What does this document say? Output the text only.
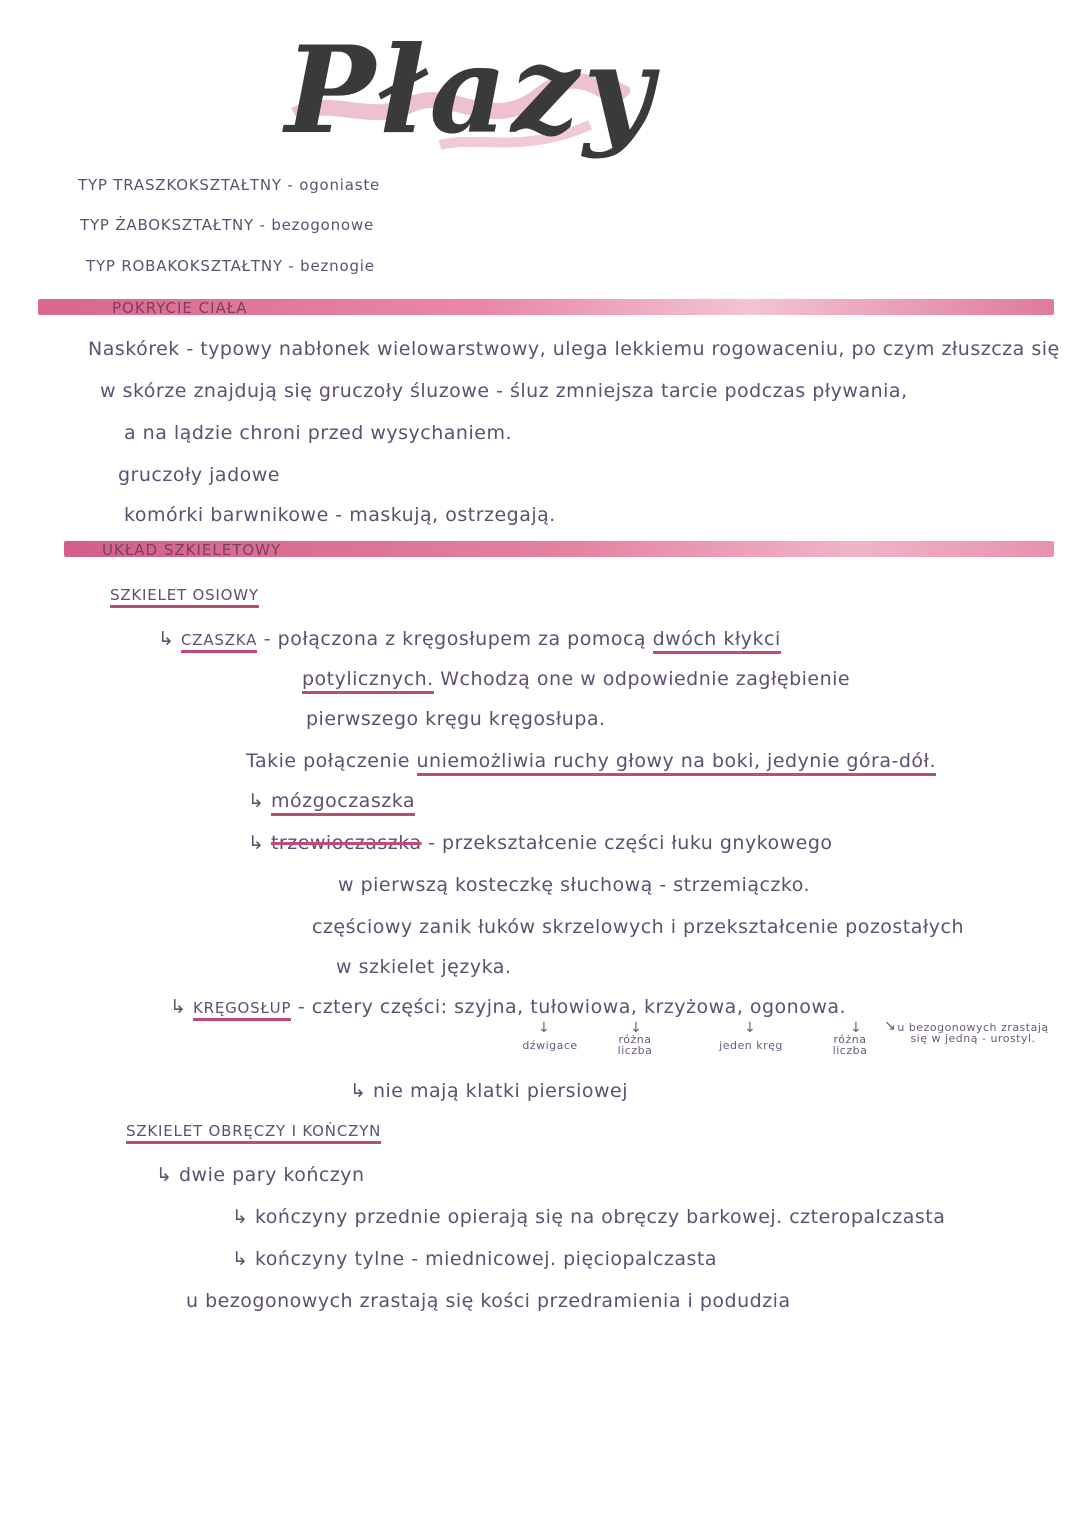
Płazy
TYP TRASZKOKSZTAŁTNY - ogoniaste
TYP ŻABOKSZTAŁTNY - bezogonowe
TYP ROBAKOKSZTAŁTNY - beznogie
POKRYCIE CIAŁA
Naskórek - typowy nabłonek wielowarstwowy, ulega lekkiemu rogowaceniu, po czym złuszcza się
w skórze znajdują się gruczoły śluzowe - śluz zmniejsza tarcie podczas pływania,
a na lądzie chroni przed wysychaniem.
gruczoły jadowe
komórki barwnikowe - maskują, ostrzegają.
UKŁAD SZKIELETOWY
SZKIELET OSIOWY
↳ CZASZKA - połączona z kręgosłupem za pomocą dwóch kłykci
potylicznych. Wchodzą one w odpowiednie zagłębienie
pierwszego kręgu kręgosłupa.
Takie połączenie uniemożliwia ruchy głowy na boki, jedynie góra-dół.
↳ mózgoczaszka
↳ trzewioczaszka - przekształcenie części łuku gnykowego
w pierwszą kosteczkę słuchową - strzemiączko.
częściowy zanik łuków skrzelowych i przekształcenie pozostałych
w szkielet języka.
↳ KRĘGOSŁUP - cztery części: szyjna, tułowiowa, krzyżowa, ogonowa.
↓	↓	↓	↓ ↘
dźwigace	różna liczba	jeden kręg	różna liczba
u bezogonowych zrastają się w jedną - urostyl.
↳ nie mają klatki piersiowej
SZKIELET OBRĘCZY I KOŃCZYN
↳ dwie pary kończyn
↳ kończyny przednie opierają się na obręczy barkowej. czteropalczasta
↳ kończyny tylne - miednicowej. pięciopalczasta
u bezogonowych zrastają się kości przedramienia i podudzia
